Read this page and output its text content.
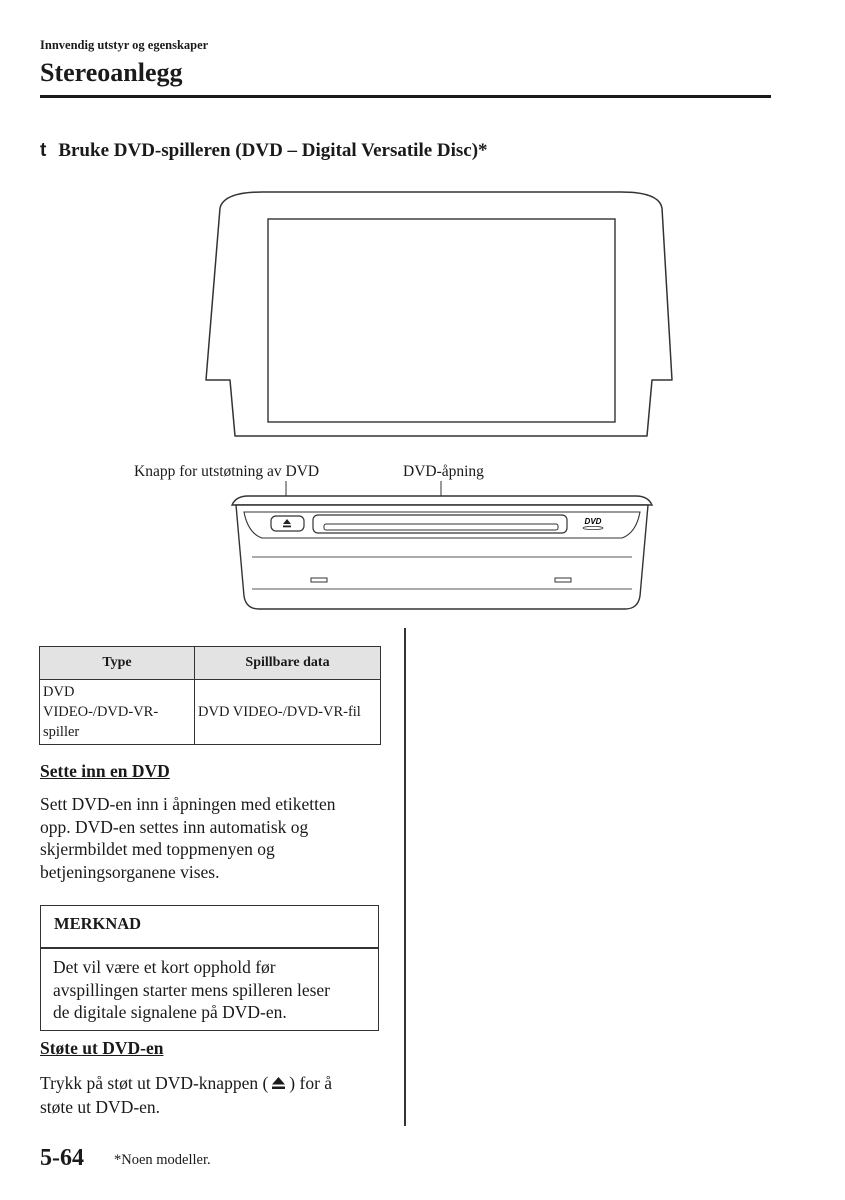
Innvendig utstyr og egenskaper
Stereoanlegg
t Bruke DVD-spilleren (DVD – Digital Versatile Disc)*
DVD
Knapp for utstøtning av DVD	DVD-åpning
Type	Spillbare data

DVD
VIDEO-/DVD-VR-
spiller	DVD VIDEO-/DVD-VR-fil
Sette inn en DVD
Sett DVD-en inn i åpningen med etiketten
opp. DVD-en settes inn automatisk og
skjermbildet med toppmenyen og
betjeningsorganene vises.
MERKNAD
Det vil være et kort opphold før
avspillingen starter mens spilleren leser
de digitale signalene på DVD-en.
Støte ut DVD-en
Trykk på støt ut DVD-knappen ( ) for å
støte ut DVD-en.
5-64 *Noen modeller.
